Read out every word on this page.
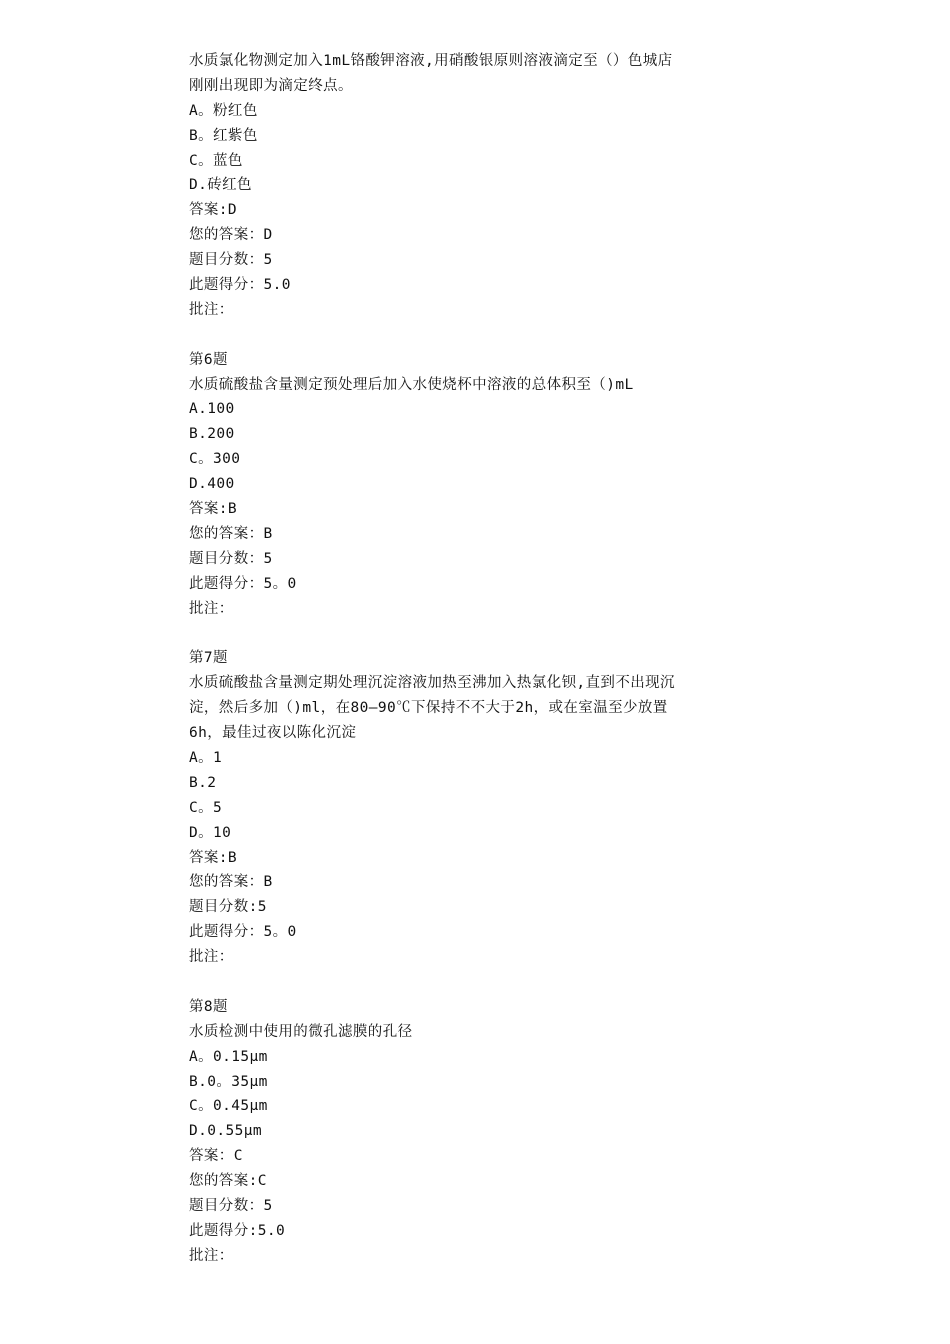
水质氯化物测定加入1mL铬酸钾溶液,用硝酸银原则溶液滴定至（）色城店
刚刚出现即为滴定终点。
A。粉红色
B。红紫色
C。蓝色
D.砖红色
答案:D
您的答案：D
题目分数：5
此题得分：5.0
批注：
第6题
水质硫酸盐含量测定预处理后加入水使烧杯中溶液的总体积至（)mL
A.100
B.200
C。300
D.400
答案:B
您的答案：B
题目分数：5
此题得分：5。0
批注：
第7题
水质硫酸盐含量测定期处理沉淀溶液加热至沸加入热氯化钡,直到不出现沉
淀，然后多加（)ml，在80—90℃下保持不不大于2h，或在室温至少放置
6h，最佳过夜以陈化沉淀
A。1
B.2
C。5
D。10
答案:B
您的答案：B
题目分数:5
此题得分：5。0
批注：
第8题
水质检测中使用的微孔滤膜的孔径
A。0.15μm
B.0。35μm
C。0.45μm
D.0.55μm
答案：C
您的答案:C
题目分数：5
此题得分:5.0
批注：
